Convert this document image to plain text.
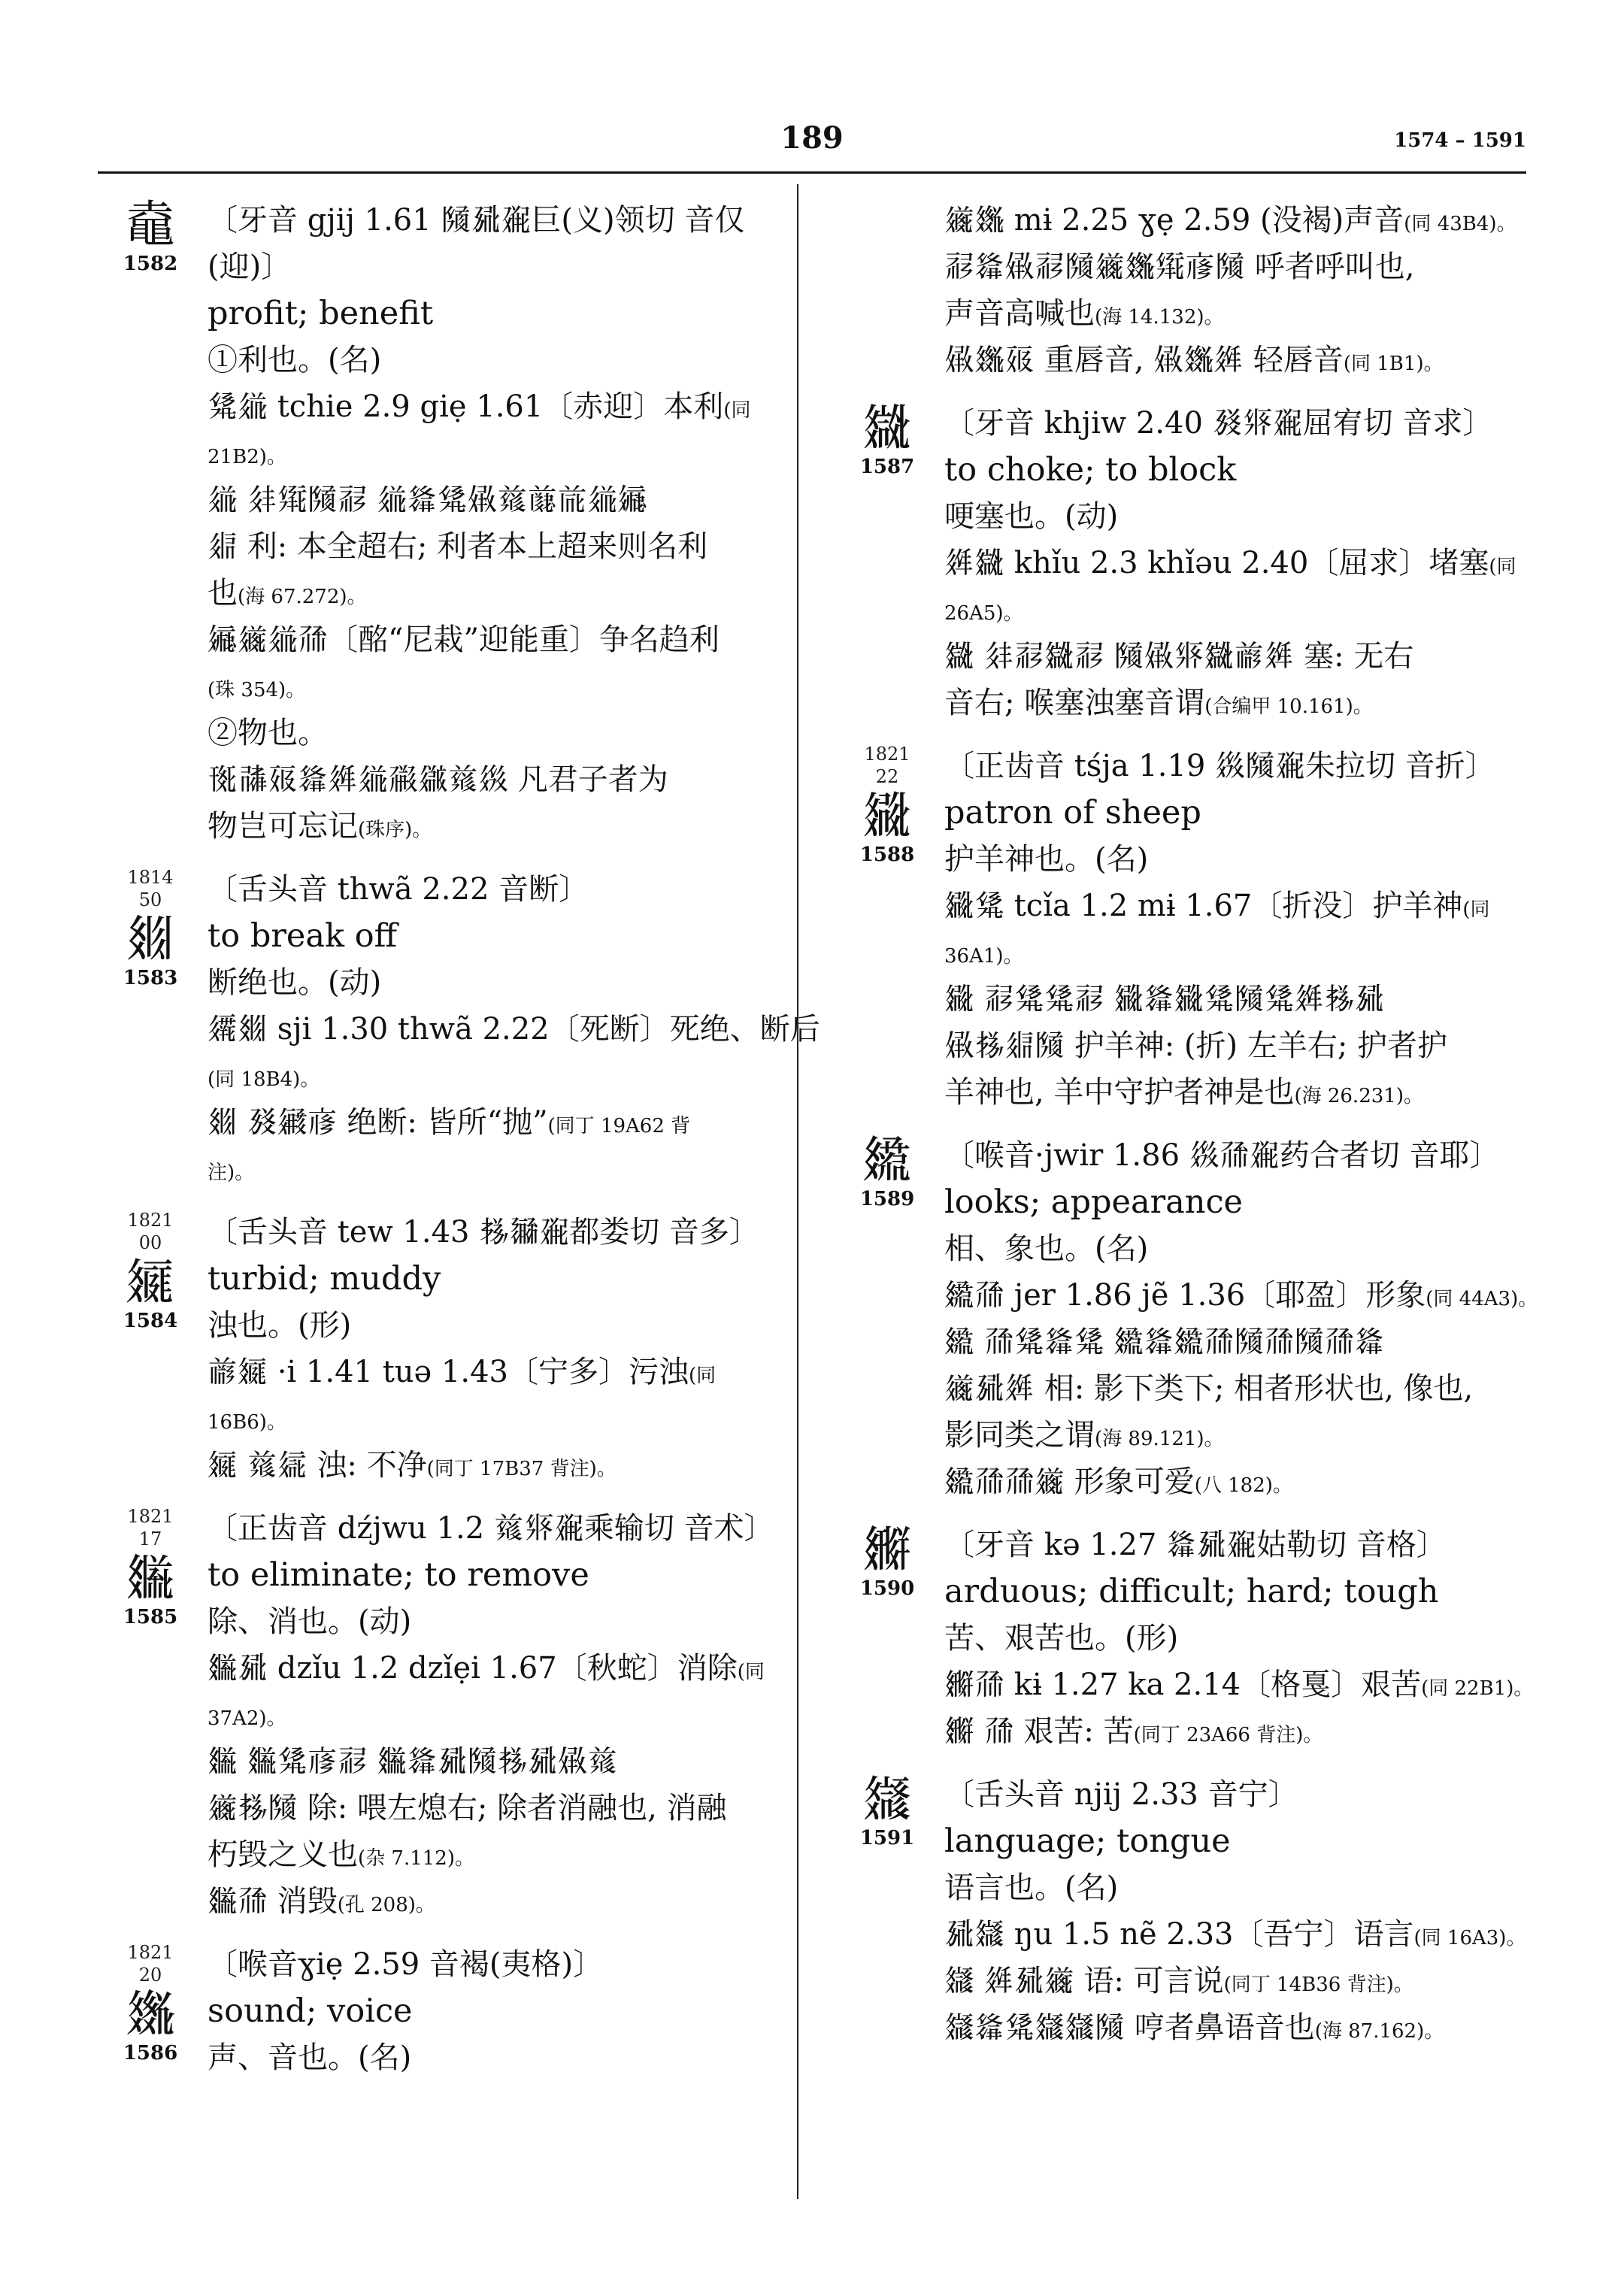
189	1574 – 1591
鼀
1582
〔牙音 gjij 1.61 𗂧𗉣𗘂巨(义)领切 音仅
(迎)〕
profit; benefit
①利也。(名)
𗊓𗥤 tchie 2.9 giẹ 1.61〔赤迎〕本利(同
21B2)。
𗥤 𗢳𗋕𗂧𗹍 𗥤𗌮𗊓𗏣𗒛𗓽𗐴𗥤𗩾
𗤋 利: 本全超右; 利者本上超来则名利
也(海 67.272)。
𗩾𗫂𗥤𗗙〔酩“尼栽”迎能重〕争名趋利
(珠 354)。
②物也。
𗍊𗰜𗡞𗌮𗤶𗥤𗗟𗫡𗒛𗤺 凡君子者为
物岂可忘记(珠序)。
1814
50
𗾞
1583
〔舌头音 thwã 2.22 音断〕
to break off
断绝也。(动)
𗫕𗾞 sji 1.30 thwã 2.22〔死断〕死绝、断后
(同 18B4)。
𗾞 𗉡𗪺𗇋 绝断: 皆所“抛”(同丁 19A62 背
注)。
1821
00
𗿲
1584
〔舌头音 tew 1.43 𗈪𗉄𗘂都娄切 音多〕
turbid; muddy
浊也。(形)
𗑗𗿲 ·i 1.41 tuə 1.43〔宁多〕污浊(同
16B6)。
𗿲 𗒛𗦇 浊: 不净(同丁 17B37 背注)。
1821
17
𗿳
1585
〔正齿音 dźjwu 1.2 𗒛𗊗𗘂乘输切 音术〕
to eliminate; to remove
除、消也。(动)
𗿳𗉣 dzǐu 1.2 dzǐẹi 1.67〔秋蛇〕消除(同
37A2)。
𗿳 𗿳𗊓𗇋𗹍 𗿳𗌮𗉣𗂧𗈪𗉣𗏣𗒛
𗫂𗈪𗂧 除: 喂左熄右; 除者消融也, 消融
朽毁之义也(杂 7.112)。
𗿳𗗙 消毁(孔 208)。
1821
20
𗿴
1586
〔喉音ɣiẹ 2.59 音褐(夷格)〕
sound; voice
声、音也。(名)
𗫂𗿴 mɨ 2.25 ɣẹ 2.59 (没褐)声音(同 43B4)。
𗹍𗌮𗏣𗹍𗂧𗫂𗿴𗋕𗇋𗂧 呼者呼叫也,
声音高喊也(海 14.132)。
𗏣𗿴𗡞 重唇音, 𗏣𗿴𗤶 轻唇音(同 1B1)。
𗿵
1587
〔牙音 khjiw 2.40 𗉡𗊗𗘂屈宥切 音求〕
to choke; to block
哽塞也。(动)
𗤶𗿵 khǐu 2.3 khǐəu 2.40〔屈求〕堵塞(同
26A5)。
𗿵 𗢳𗹍𗿵𗹍 𗂧𗏣𗊗𗿵𗑗𗤶 塞: 无右
音右; 喉塞浊塞音谓(合编甲 10.161)。
1821
22
𗿶
1588
〔正齿音 tśja 1.19 𗤺𗂧𗘂朱拉切 音折〕
patron of sheep
护羊神也。(名)
𗿶𗊓 tcǐa 1.2 mɨ 1.67〔折没〕护羊神(同
36A1)。
𗿶 𗹍𗊓𗊓𗹍 𗿶𗌮𗿶𗊓𗂧𗊓𗤶𗈪𗉣
𗏣𗈪𗤋𗂧 护羊神: (折) 左羊右; 护者护
羊神也, 羊中守护者神是也(海 26.231)。
𗿷
1589
〔喉音·jwir 1.86 𗤺𗗙𗘂药合者切 音耶〕
looks; appearance
相、象也。(名)
𗿷𗗙 jer 1.86 jẽ 1.36〔耶盈〕形象(同 44A3)。
𗿷 𗗙𗊓𗌮𗊓 𗿷𗌮𗿷𗗙𗂧𗗙𗂧𗗙𗌮
𗫂𗉣𗤶 相: 影下类下; 相者形状也, 像也,
影同类之谓(海 89.121)。
𗿷𗗙𗗙𗫂 形象可爱(八 182)。
𗿸
1590
〔牙音 kə 1.27 𗌮𗉣𗘂姑勒切 音格〕
arduous; difficult; hard; tough
苦、艰苦也。(形)
𗿸𗗙 kɨ 1.27 ka 2.14〔格戛〕艰苦(同 22B1)。
𗿸 𗗙 艰苦: 苦(同丁 23A66 背注)。
𗿹
1591
〔舌头音 njij 2.33 音宁〕
language; tongue
语言也。(名)
𗉣𗿹 ŋu 1.5 nẽ 2.33〔吾宁〕语言(同 16A3)。
𗿹 𗤶𗉣𗫂 语: 可言说(同丁 14B36 背注)。
𗿹𗌮𗊓𗿹𗿹𗂧 哼者鼻语音也(海 87.162)。
